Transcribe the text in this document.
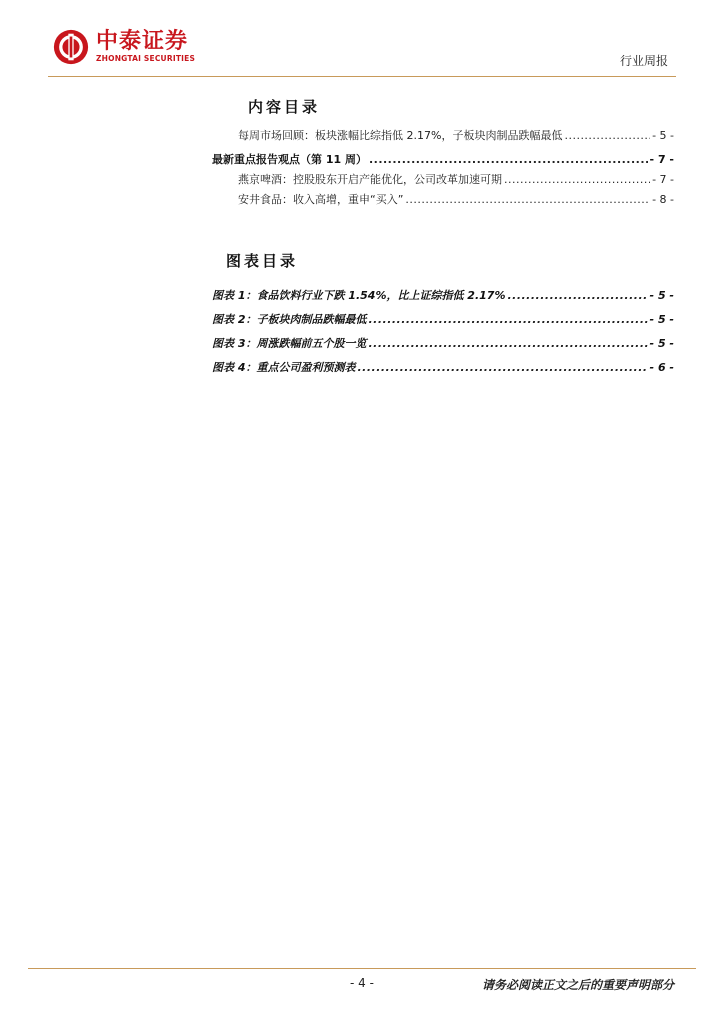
中泰证券
ZHONGTAI SECURITIES	行业周报
内容目录
每周市场回顾：板块涨幅比综指低 2.17%，子板块肉制品跌幅最低 .....	- 5 -
最新重点报告观点（第 11 周） .....	- 7 -
燕京啤酒：控股股东开启产能优化，公司改革加速可期 .....	- 7 -
安井食品：收入高增，重申“买入” .....	- 8 -
图表目录
图表 1：食品饮料行业下跌 1.54%，比上证综指低 2.17% .....	- 5 -
图表 2：子板块肉制品跌幅最低 .....	- 5 -
图表 3：周涨跌幅前五个股一览 .....	- 5 -
图表 4：重点公司盈利预测表 .....	- 6 -
- 4 -	请务必阅读正文之后的重要声明部分
